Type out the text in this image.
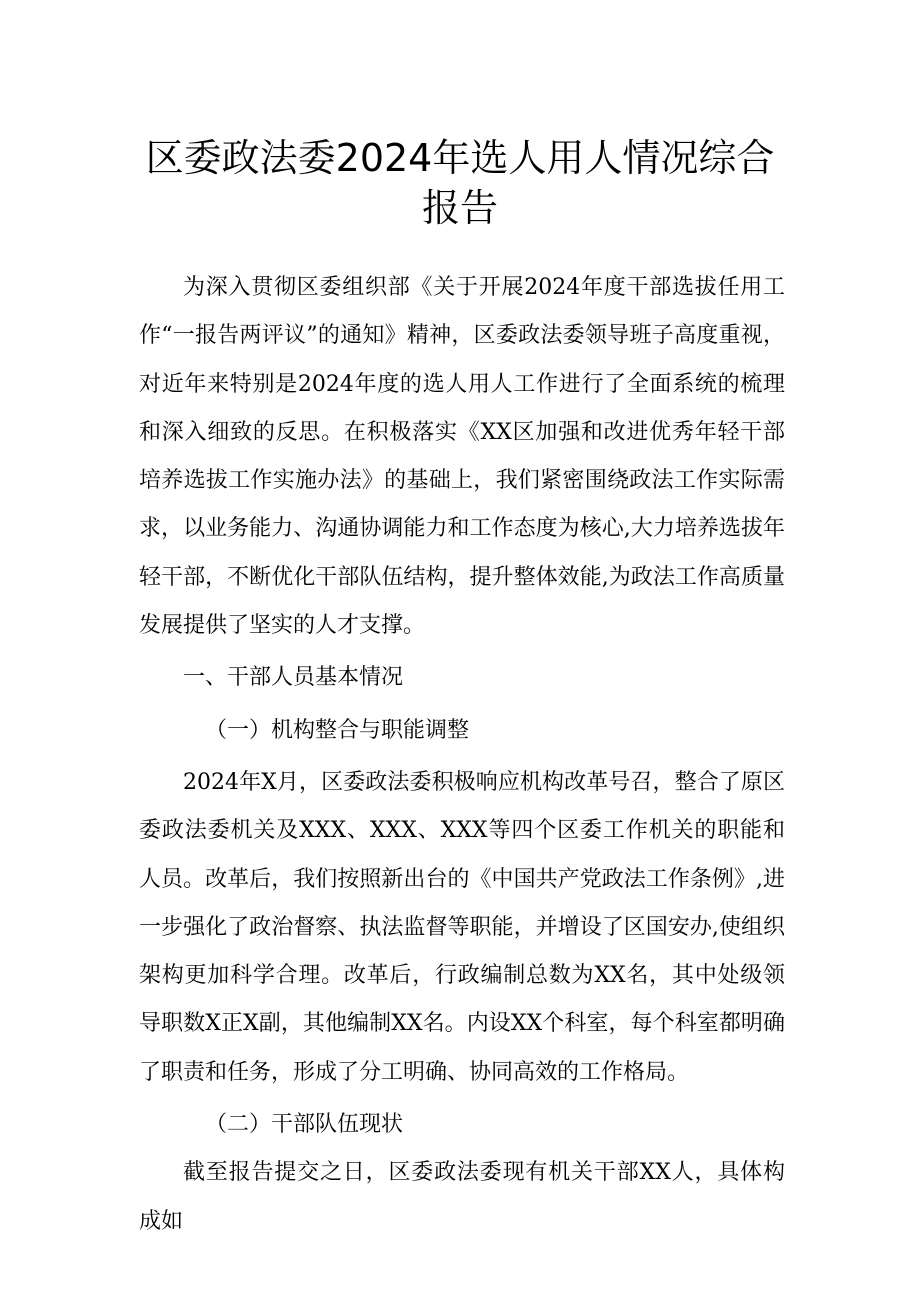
区委政法委2024年选人用人情况综合
报告

为深入贯彻区委组织部《关于开展2024年度干部选拔任用工作“一报告两评议”的通知》精神，区委政法委领导班子高度重视，对近年来特别是2024年度的选人用人工作进行了全面系统的梳理和深入细致的反思。在积极落实《XX区加强和改进优秀年轻干部培养选拔工作实施办法》的基础上，我们紧密围绕政法工作实际需求，以业务能力、沟通协调能力和工作态度为核心,大力培养选拔年轻干部，不断优化干部队伍结构，提升整体效能,为政法工作高质量发展提供了坚实的人才支撑。

一、干部人员基本情况

（一）机构整合与职能调整

2024年X月，区委政法委积极响应机构改革号召，整合了原区委政法委机关及XXX、XXX、XXX等四个区委工作机关的职能和人员。改革后，我们按照新出台的《中国共产党政法工作条例》,进一步强化了政治督察、执法监督等职能，并增设了区国安办,使组织架构更加科学合理。改革后，行政编制总数为XX名，其中处级领导职数X正X副，其他编制XX名。内设XX个科室，每个科室都明确了职责和任务，形成了分工明确、协同高效的工作格局。

（二）干部队伍现状

截至报告提交之日，区委政法委现有机关干部XX人，具体构成如
